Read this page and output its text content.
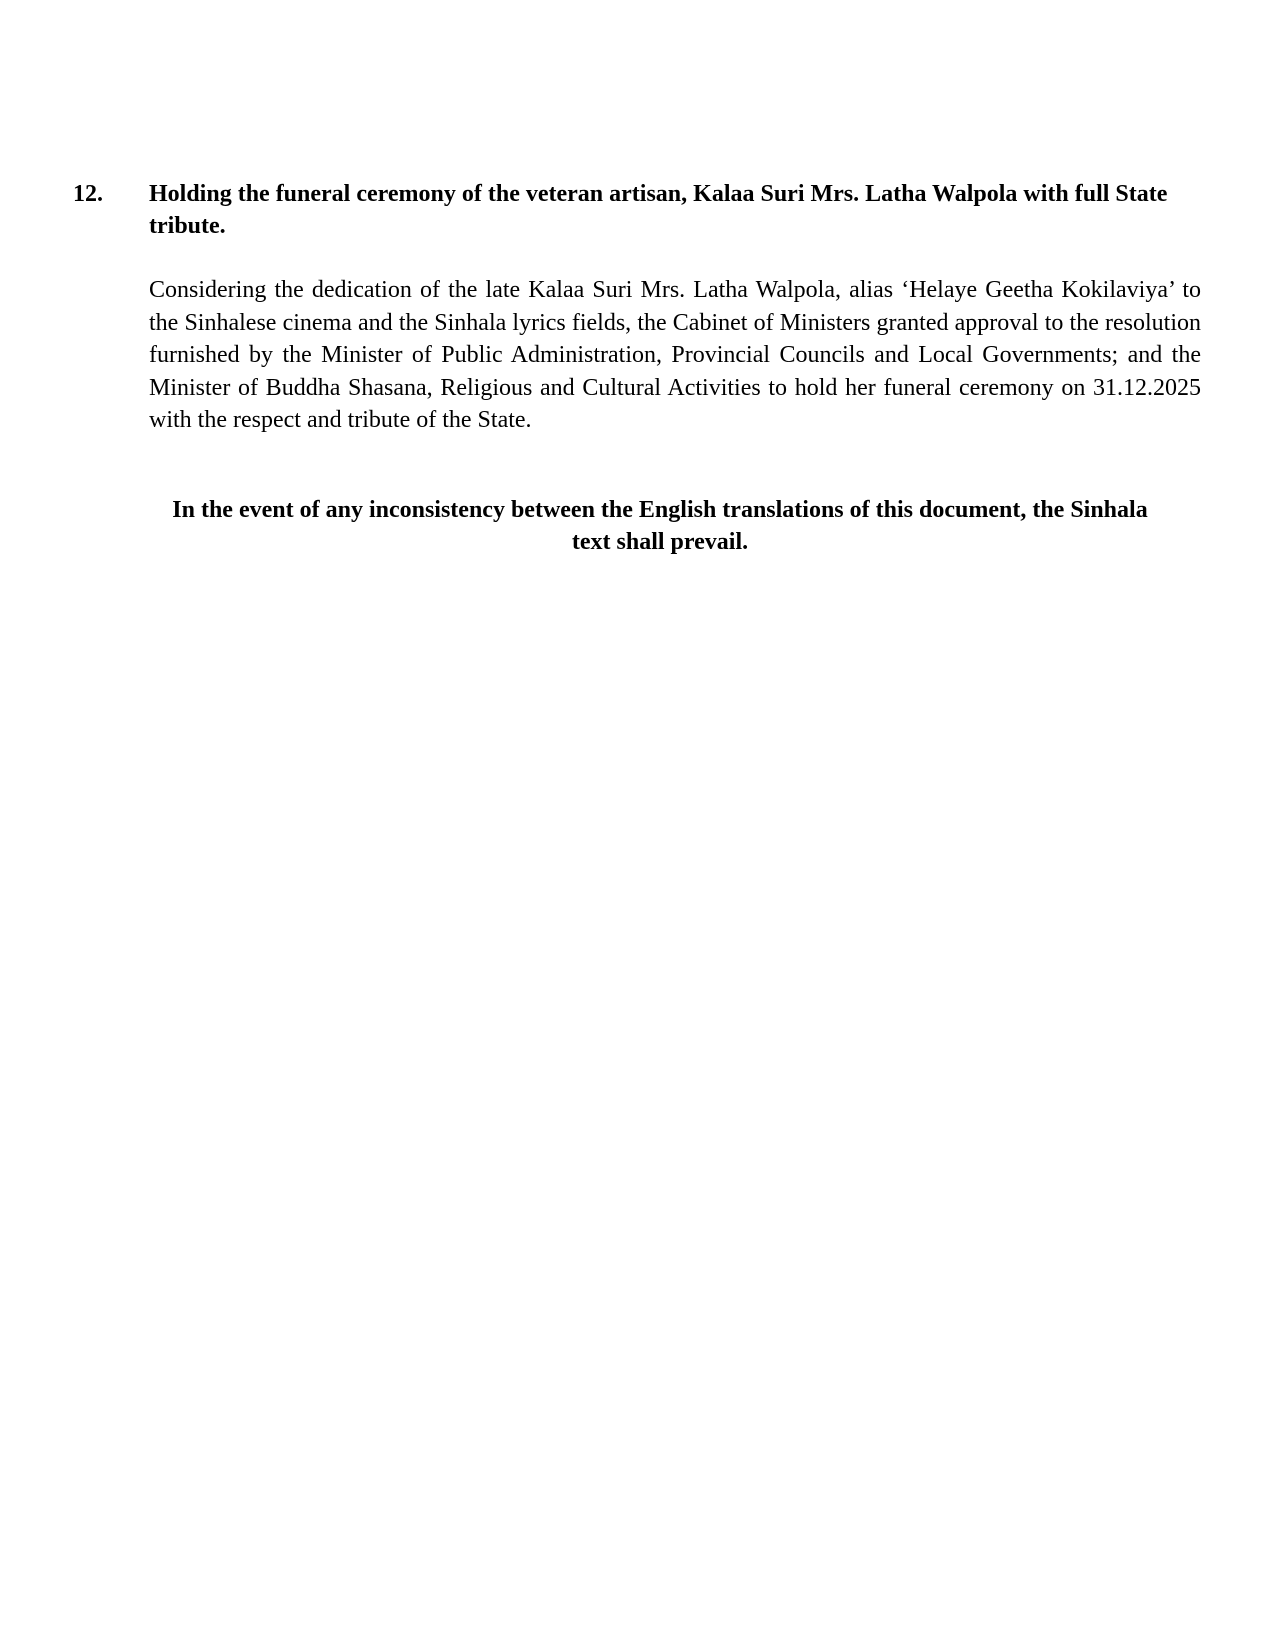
12. Holding the funeral ceremony of the veteran artisan, Kalaa Suri Mrs. Latha Walpola with full State tribute.
Considering the dedication of the late Kalaa Suri Mrs. Latha Walpola, alias ‘Helaye Geetha Kokilaviya’ to the Sinhalese cinema and the Sinhala lyrics fields, the Cabinet of Ministers granted approval to the resolution furnished by the Minister of Public Administration, Provincial Councils and Local Governments; and the Minister of Buddha Shasana, Religious and Cultural Activities to hold her funeral ceremony on 31.12.2025 with the respect and tribute of the State.
In the event of any inconsistency between the English translations of this document, the Sinhala text shall prevail.
